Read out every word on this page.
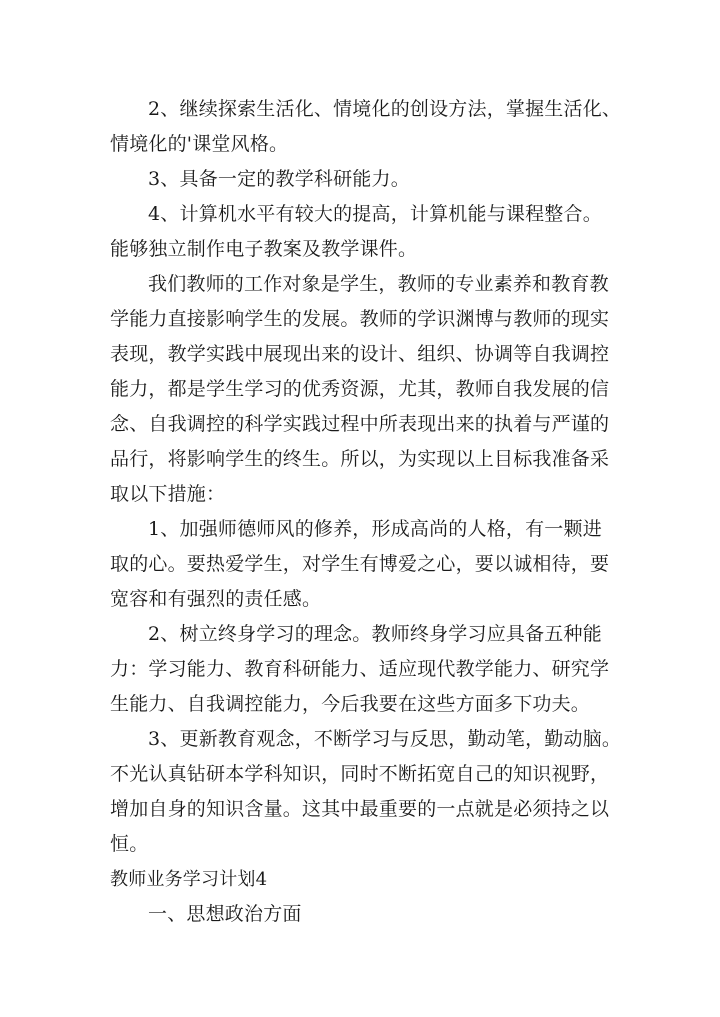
2、继续探索生活化、情境化的创设方法，掌握生活化、
情境化的'课堂风格。
3、具备一定的教学科研能力。
4、计算机水平有较大的提高，计算机能与课程整合。
能够独立制作电子教案及教学课件。
我们教师的工作对象是学生，教师的专业素养和教育教
学能力直接影响学生的发展。教师的学识渊博与教师的现实
表现，教学实践中展现出来的设计、组织、协调等自我调控
能力，都是学生学习的优秀资源，尤其，教师自我发展的信
念、自我调控的科学实践过程中所表现出来的执着与严谨的
品行，将影响学生的终生。所以，为实现以上目标我准备采
取以下措施：
1、加强师德师风的修养，形成高尚的人格，有一颗进
取的心。要热爱学生，对学生有博爱之心，要以诚相待，要
宽容和有强烈的责任感。
2、树立终身学习的理念。教师终身学习应具备五种能
力：学习能力、教育科研能力、适应现代教学能力、研究学
生能力、自我调控能力，今后我要在这些方面多下功夫。
3、更新教育观念，不断学习与反思，勤动笔，勤动脑。
不光认真钻研本学科知识，同时不断拓宽自己的知识视野，
增加自身的知识含量。这其中最重要的一点就是必须持之以
恒。
教师业务学习计划4
一、思想政治方面
